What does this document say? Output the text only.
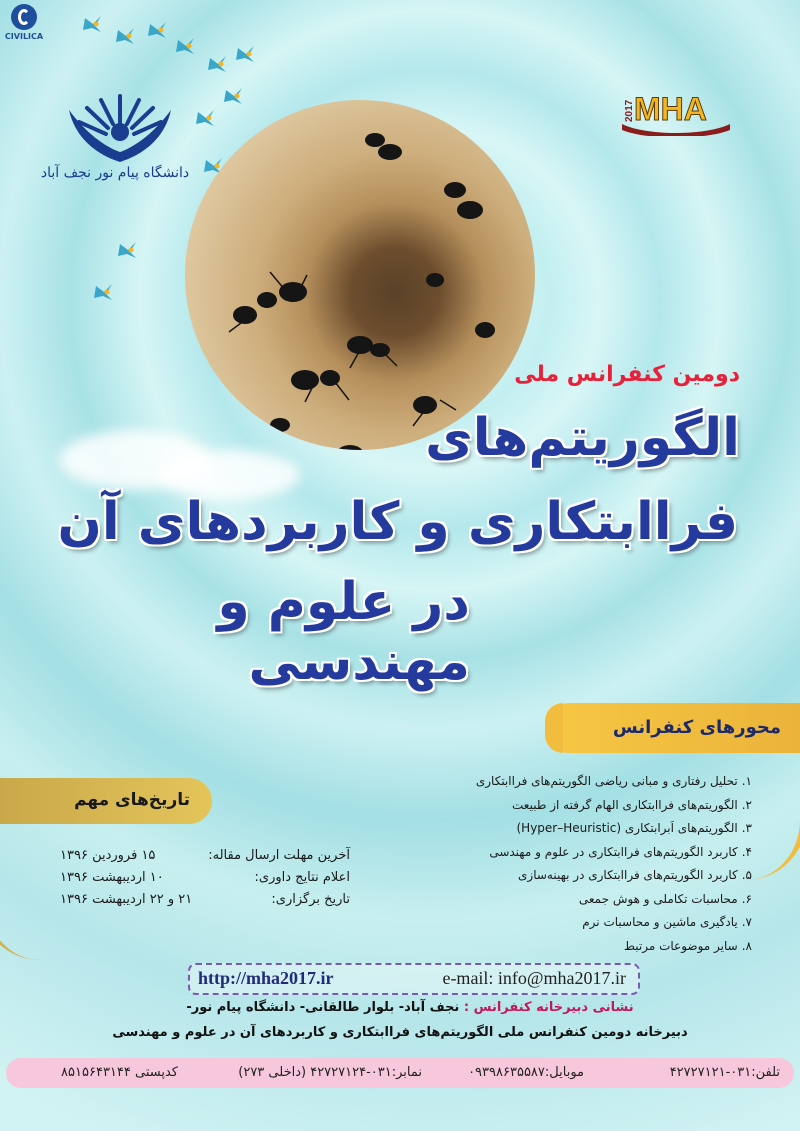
CIVILICA
دانشگاه پیام نور نجف آباد
MHA
2017
دومین کنفرانس ملی
الگوریتم‌های
فراابتکاری و کاربردهای آن
در علوم و مهندسی
محورهای کنفرانس
۱.تحلیل رفتاری و مبانی ریاضی الگوریتم‌های فراابتکاری
۲.الگوریتم‌های فراابتکاری الهام گرفته از طبیعت
۳.الگوریتم‌های اَبرابتکاری (Hyper–Heuristic)
۴.کاربرد الگوریتم‌های فراابتکاری در علوم و مهندسی
۵.کاربرد الگوریتم‌های فراابتکاری در بهینه‌سازی
۶.محاسبات تکاملی و هوش جمعی
۷.یادگیری ماشین و محاسبات نرم
۸.سایر موضوعات مرتبط
تاریخ‌های مهم
آخرین مهلت ارسال مقاله:
۱۵ فروردین ۱۳۹۶
اعلام نتایج داوری:
۱۰ اردیبهشت ۱۳۹۶
تاریخ برگزاری:
۲۱ و ۲۲ اردیبهشت ۱۳۹۶
http://mha2017.ir	e-mail: info@mha2017.ir
نشانی دبیرخانه کنفرانس : نجف آباد- بلوار طالقانی- دانشگاه پیام نور-
دبیرخانه دومین کنفرانس ملی الگوریتم‌های فراابتکاری و کاربردهای آن در علوم و مهندسی
تلفن:۰۳۱-۴۲۷۲۷۱۲۱
موبایل:۰۹۳۹۸۶۳۵۵۸۷
نمابر:۰۳۱-۴۲۷۲۷۱۲۴ (داخلی ۲۷۳)
کدپستی ۸۵۱۵۶۴۳۱۴۴
